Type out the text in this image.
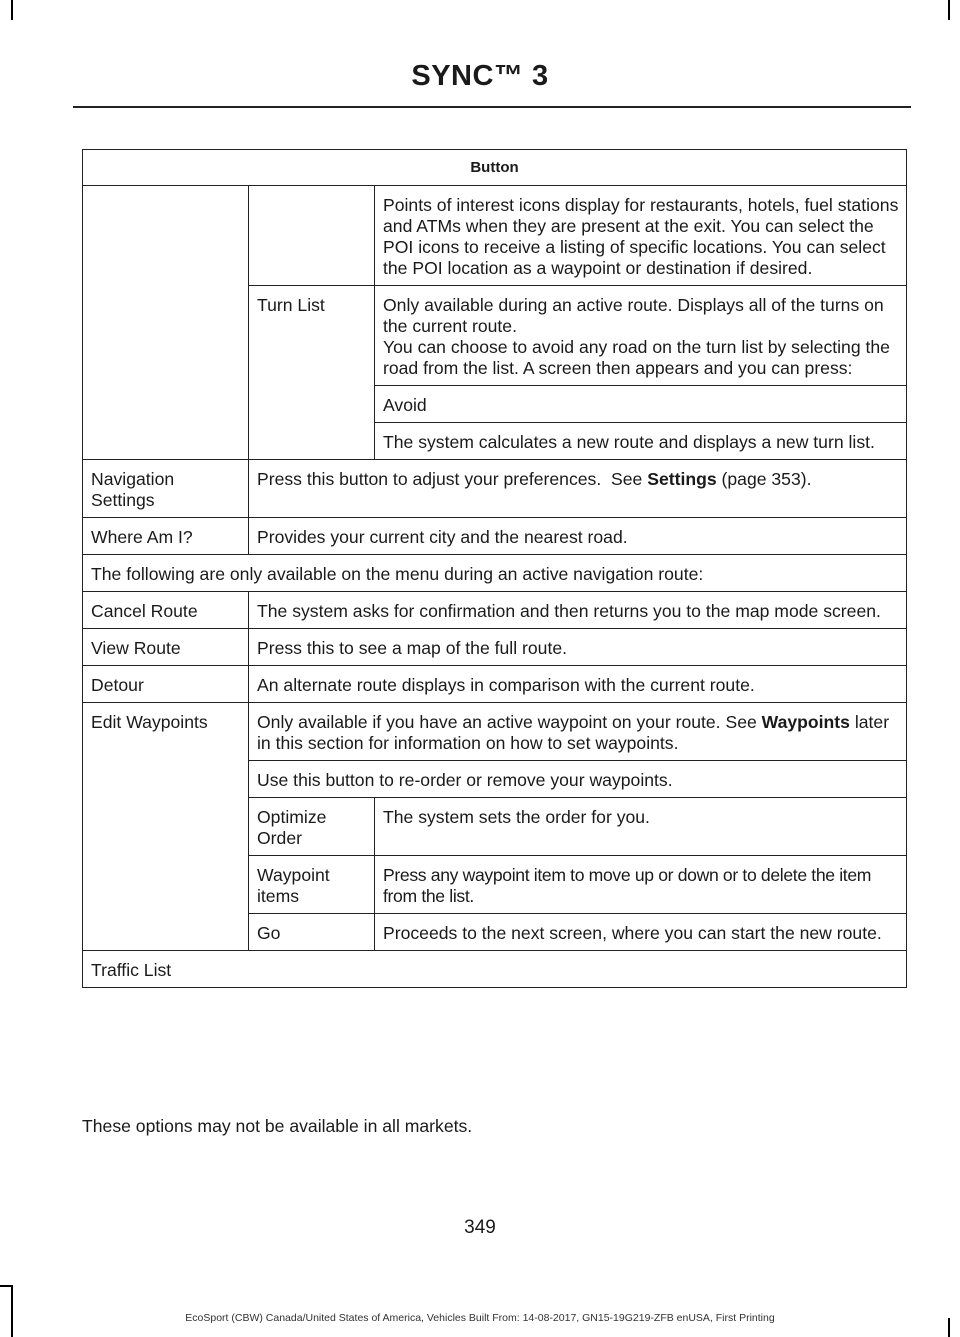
SYNC™ 3
Button		
		Points of interest icons display for restaurants, hotels, fuel stations and ATMs when they are present at the exit. You can select the POI icons to receive a listing of specific locations. You can select the POI location as a waypoint or destination if desired.
	Turn List	Only available during an active route. Displays all of the turns on the current route.
You can choose to avoid any road on the turn list by selecting the road from the list. A screen then appears and you can press:

		Avoid
		The system calculates a new route and displays a new turn list.
Navigation Settings	Press this button to adjust your preferences.  See Settings (page 353).	
Where Am I?	Provides your current city and the nearest road.	
The following are only available on the menu during an active navigation route:		
Cancel Route	The system asks for confirmation and then returns you to the map mode screen.	
View Route	Press this to see a map of the full route.	
Detour	An alternate route displays in comparison with the current route.	
Edit Waypoints	Only available if you have an active waypoint on your route. See Waypoints later in this section for information on how to set waypoints.	
	Use this button to re-order or remove your waypoints.	
	Optimize Order	The system sets the order for you.
	Waypoint items	Press any waypoint item to move up or down or to delete the item from the list.
	Go	Proceeds to the next screen, where you can start the new route.
Traffic List		
These options may not be available in all markets.
349
EcoSport (CBW) Canada/United States of America, Vehicles Built From: 14-08-2017, GN15-19G219-ZFB enUSA, First Printing
